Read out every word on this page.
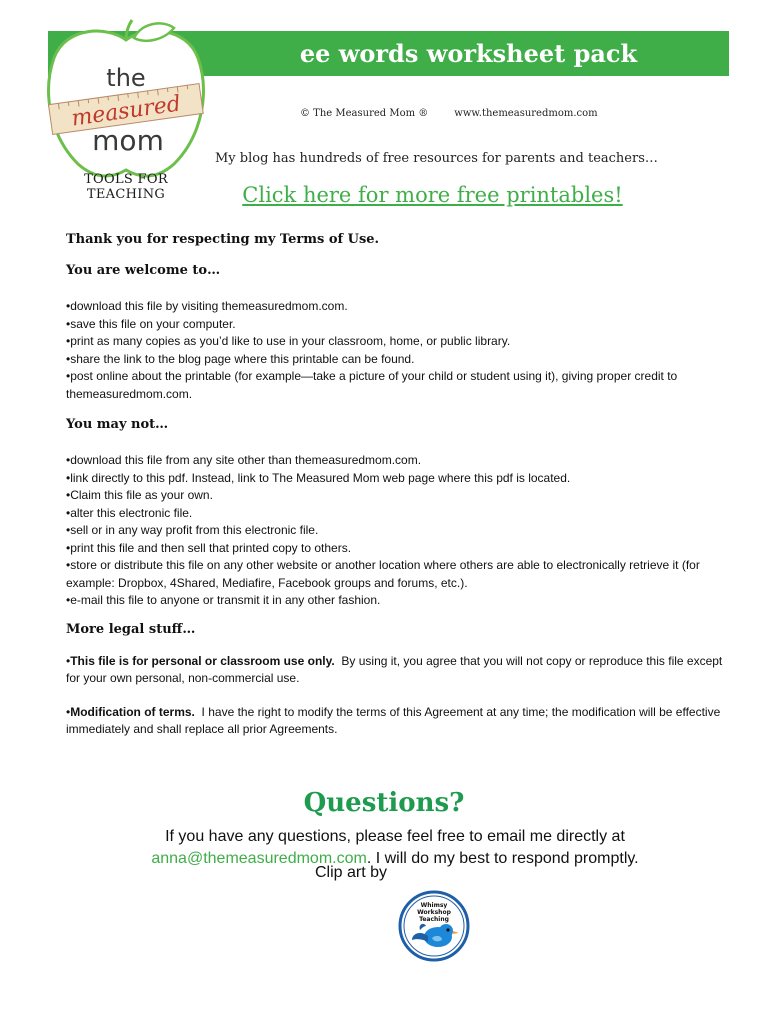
ee words worksheet pack
the
measured
mom
TOOLS FOR TEACHING
© The Measured Mom ®	www.themeasuredmom.com
My blog has hundreds of free resources for parents and teachers…
Click here for more free printables!

Thank you for respecting my Terms of Use.

You are welcome to…

• download this file by visiting themeasuredmom.com.
• save this file on your computer.
• print as many copies as you’d like to use in your classroom, home, or public library.
• share the link to the blog page where this printable can be found.
• post online about the printable (for example—take a picture of your child or student using it), giving proper credit to themeasuredmom.com.

You may not…

• download this file from any site other than themeasuredmom.com.
• link directly to this pdf. Instead, link to The Measured Mom web page where this pdf is located.
• Claim this file as your own.
• alter this electronic file.
• sell or in any way profit from this electronic file.
• print this file and then sell that printed copy to others.
• store or distribute this file on any other website or another location where others are able to electronically retrieve it (for example: Dropbox, 4Shared, Mediafire, Facebook groups and forums, etc.).
• e-mail this file to anyone or transmit it in any other fashion.

More legal stuff…

•This file is for personal or classroom use only. By using it, you agree that you will not copy or reproduce this file except for your own personal, non-commercial use.

•Modification of terms. I have the right to modify the terms of this Agreement at any time; the modification will be effective immediately and shall replace all prior Agreements.

Questions?
If you have any questions, please feel free to email me directly at
anna@themeasuredmom.com. I will do my best to respond promptly.
Clip art by
Whimsy
Workshop
Teaching
